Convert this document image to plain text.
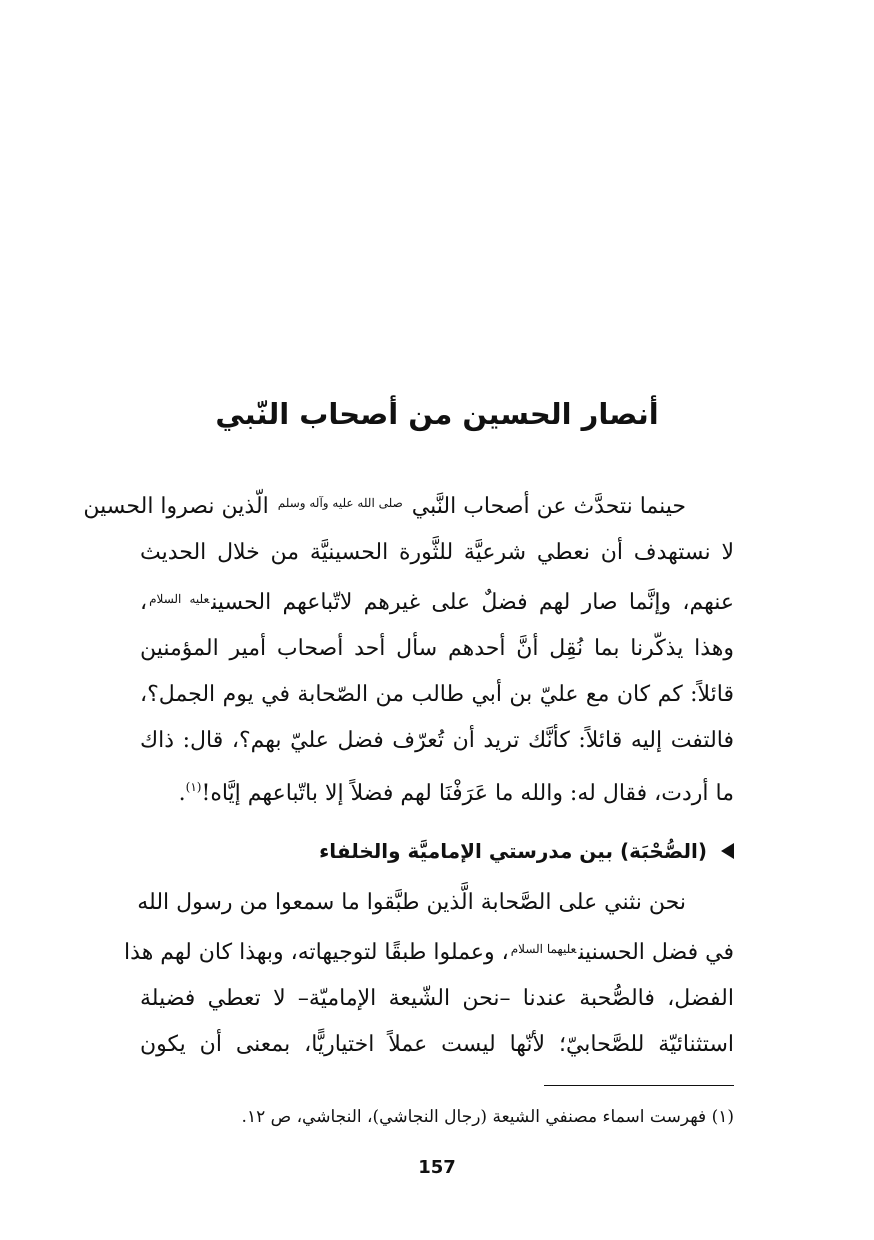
أنصار الحسين من أصحاب النّبي
حينما نتحدَّث عن أصحاب النَّبي $^{صلى الله عليه وآله وسلم}$ الّذين نصروا الحسين
لا نستهدف أن نعطي شرعيَّة للثَّورة الحسينيَّة من خلال الحديث
عنهم، وإنَّما صار لهم فضلٌ على غيرهم لاتّباعهم الحسين$^{عليه السلام}$،
وهذا يذكّرنا بما نُقِل أنَّ أحدهم سأل أحد أصحاب أمير المؤمنين
قائلاً: كم كان مع عليّ بن أبي طالب من الصّحابة في يوم الجمل؟،
فالتفت إليه قائلاً: كأنَّك تريد أن تُعرّف فضل عليّ بهم؟، قال: ذاك
ما أردت، فقال له: والله ما عَرَفْنَا لهم فضلاً إلا باتّباعهم إيَّاه!$^{(١)}$.
(الصُّحْبَة) بين مدرستي الإماميَّة والخلفاء
نحن نثني على الصَّحابة الَّذين طبَّقوا ما سمعوا من رسول الله
في فضل الحسنين$^{عليهما السلام}$، وعملوا طبقًا لتوجيهاته، وبهذا كان لهم هذا
الفضل، فالصُّحبة عندنا –نحن الشّيعة الإماميّة– لا تعطي فضيلة
استثنائيّة للصَّحابيّ؛ لأنّها ليست عملاً اختياريًّا، بمعنى أن يكون

(١) فهرست اسماء مصنفي الشيعة (رجال النجاشي)، النجاشي، ص ١٢.

157
